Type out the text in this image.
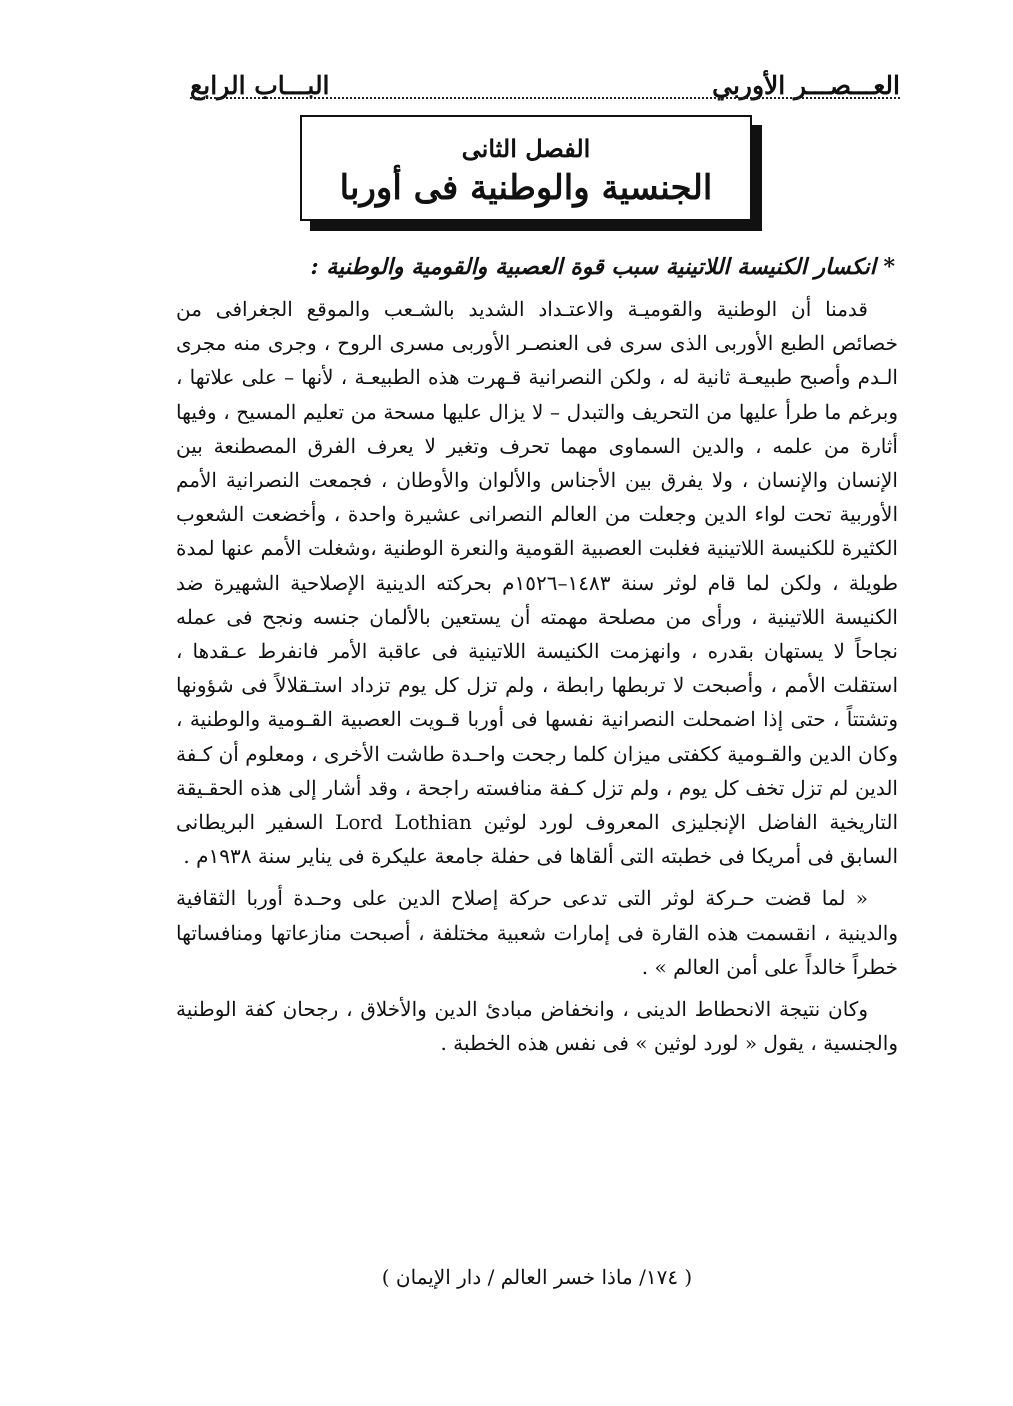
العـــصـــر الأوربي
البـــاب الرابع
الفصل الثانى
الجنسية والوطنية فى أوربا
* انكسار الكنيسة اللاتينية سبب قوة العصبية والقومية والوطنية :

قدمنا أن الوطنية والقوميـة والاعتـداد الشديد بالشـعب والموقع الجغرافى من خصائص الطبع الأوربى الذى سرى فى العنصـر الأوربى مسرى الروح ، وجرى منه مجرى الـدم وأصبح طبيعـة ثانية له ، ولكن النصرانية قـهرت هذه الطبيعـة ، لأنها – على علاتها ، وبرغم ما طرأ عليها من التحريف والتبدل – لا يزال عليها مسحة من تعليم المسيح ، وفيها أثارة من علمه ، والدين السماوى مهما تحرف وتغير لا يعرف الفرق المصطنعة بين الإنسان والإنسان ، ولا يفرق بين الأجناس والألوان والأوطان ، فجمعت النصرانية الأمم الأوربية تحت لواء الدين وجعلت من العالم النصرانى عشيرة واحدة ، وأخضعت الشعوب الكثيرة للكنيسة اللاتينية فغلبت العصبية القومية والنعرة الوطنية ،وشغلت الأمم عنها لمدة طويلة ، ولكن لما قام لوثر سنة ١٤٨٣–١٥٢٦م بحركته الدينية الإصلاحية الشهيرة ضد الكنيسة اللاتينية ، ورأى من مصلحة مهمته أن يستعين بالألمان جنسه ونجح فى عمله نجاحاً لا يستهان بقدره ، وانهزمت الكنيسة اللاتينية فى عاقبة الأمر فانفرط عـقدها ، استقلت الأمم ، وأصبحت لا تربطها رابطة ، ولم تزل كل يوم تزداد استـقلالاً فى شؤونها وتشتتاً ، حتى إذا اضمحلت النصرانية نفسها فى أوربا قـويت العصبية القـومية والوطنية ، وكان الدين والقـومية ككفتى ميزان كلما رجحت واحـدة طاشت الأخرى ، ومعلوم أن كـفة الدين لم تزل تخف كل يوم ، ولم تزل كـفة منافسته راجحة ، وقد أشار إلى هذه الحقـيقة التاريخية الفاضل الإنجليزى المعروف لورد لوثين Lord Lothian السفير البريطانى السابق فى أمريكا فى خطبته التى ألقاها فى حفلة جامعة عليكرة فى يناير سنة ١٩٣٨م .

« لما قضت حـركة لوثر التى تدعى حركة إصلاح الدين على وحـدة أوربا الثقافية والدينية ، انقسمت هذه القارة فى إمارات شعبية مختلفة ، أصبحت منازعاتها ومنافساتها خطراً خالداً على أمن العالم » .

وكان نتيجة الانحطاط الدينى ، وانخفاض مبادئ الدين والأخلاق ، رجحان كفة الوطنية والجنسية ، يقول « لورد لوثين » فى نفس هذه الخطبة .

( ١٧٤/ ماذا خسر العالم / دار الإيمان )
